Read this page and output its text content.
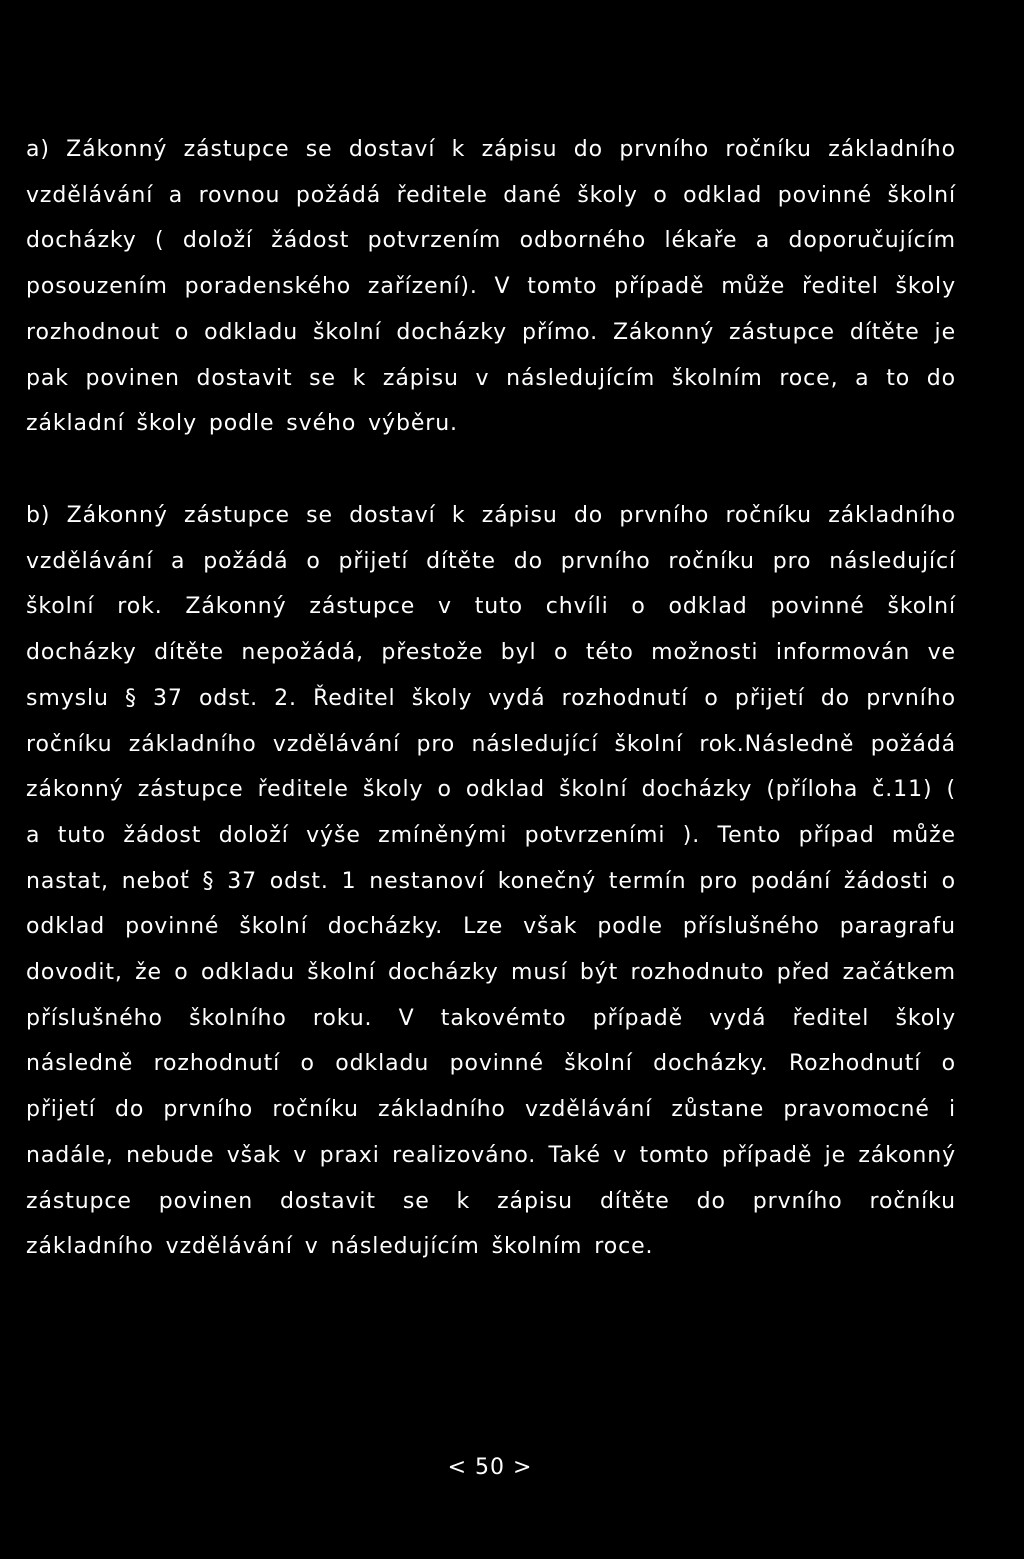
a) Zákonný zástupce se dostaví k zápisu do prvního ročníku základního vzdělávání a rovnou požádá ředitele dané školy o odklad povinné školní docházky ( doloží žádost potvrzením odborného lékaře a doporučujícím posouzením poradenského zařízení). V tomto případě může ředitel školy rozhodnout o odkladu školní docházky přímo. Zákonný zástupce dítěte je pak povinen dostavit se k zápisu v následujícím školním roce, a to do základní školy podle svého výběru.

b) Zákonný zástupce se dostaví k zápisu do prvního ročníku základního vzdělávání a požádá o přijetí dítěte do prvního ročníku pro následující školní rok. Zákonný zástupce v tuto chvíli o odklad povinné školní docházky dítěte nepožádá, přestože byl o této možnosti informován ve smyslu § 37 odst. 2. Ředitel školy vydá rozhodnutí o přijetí do prvního ročníku základního vzdělávání pro následující školní rok.Následně požádá zákonný zástupce ředitele školy o odklad školní docházky (příloha č.11) ( a tuto žádost doloží výše zmíněnými potvrzeními ). Tento případ může nastat, neboť § 37 odst. 1 nestanoví konečný termín pro podání žádosti o odklad povinné školní docházky. Lze však podle příslušného paragrafu dovodit, že o odkladu školní docházky musí být rozhodnuto před začátkem příslušného školního roku. V takovémto případě vydá ředitel školy následně rozhodnutí o odkladu povinné školní docházky. Rozhodnutí o přijetí do prvního ročníku základního vzdělávání zůstane pravomocné i nadále, nebude však v praxi realizováno. Také v tomto případě je zákonný zástupce povinen dostavit se k zápisu dítěte do prvního ročníku základního vzdělávání v následujícím školním roce.

< 50 >
